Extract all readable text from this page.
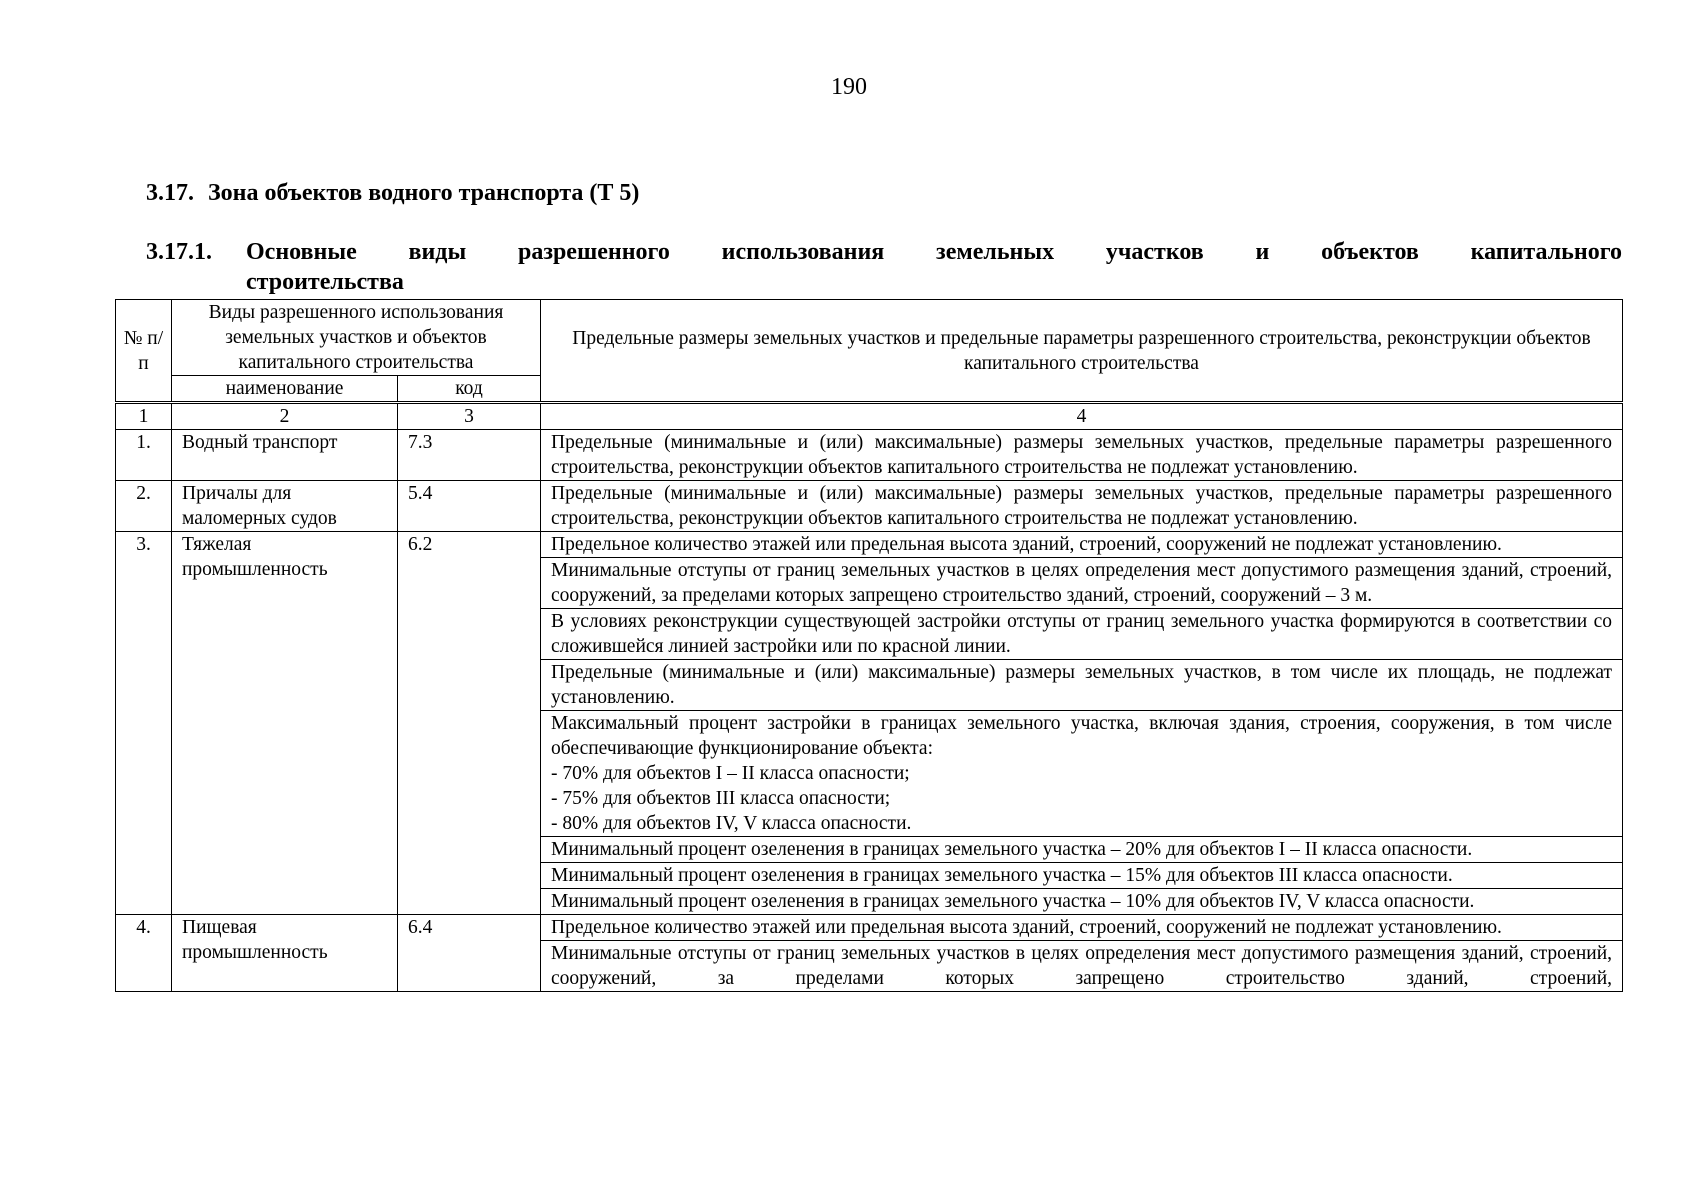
190
3.17. Зона объектов водного транспорта (Т 5)
3.17.1. Основные виды разрешенного использования земельных участков и объектов капитального
строительства
№ п/п	Виды разрешенного использования земельных участков и объектов капитального строительства		Предельные размеры земельных участков и предельные параметры разрешенного строительства, реконструкции объектов капитального строительства
	наименование	код	
1	2	3	4
1.	Водный транспорт	7.3	Предельные (минимальные и (или) максимальные) размеры земельных участков, предельные параметры разрешенного строительства, реконструкции объектов капитального строительства не подлежат установлению.
2.	Причалы для маломерных судов	5.4	Предельные (минимальные и (или) максимальные) размеры земельных участков, предельные параметры разрешенного строительства, реконструкции объектов капитального строительства не подлежат установлению.
3.	Тяжелая промышленность	6.2	Предельное количество этажей или предельная высота зданий, строений, сооружений не подлежат установлению.
			Минимальные отступы от границ земельных участков в целях определения мест допустимого размещения зданий, строений, сооружений, за пределами которых запрещено строительство зданий, строений, сооружений – 3 м.
			В условиях реконструкции существующей застройки отступы от границ земельного участка формируются в соответствии со сложившейся линией застройки или по красной линии.
			Предельные (минимальные и (или) максимальные) размеры земельных участков, в том числе их площадь, не подлежат установлению.

			Максимальный процент застройки в границах земельного участка, включая здания, строения, сооружения, в том числе обеспечивающие функционирование объекта:
- 70% для объектов I – II класса опасности;
- 75% для объектов III класса опасности;
- 80% для объектов IV, V класса опасности.

			Минимальный процент озеленения в границах земельного участка – 20% для объектов I – II класса опасности.
			Минимальный процент озеленения в границах земельного участка – 15% для объектов III класса опасности.
			Минимальный процент озеленения в границах земельного участка – 10% для объектов IV, V класса опасности.
4.	Пищевая промышленность	6.4	Предельное количество этажей или предельная высота зданий, строений, сооружений не подлежат установлению.
			Минимальные отступы от границ земельных участков в целях определения мест допустимого размещения зданий, строений, сооружений, за пределами которых запрещено строительство зданий, строений,
